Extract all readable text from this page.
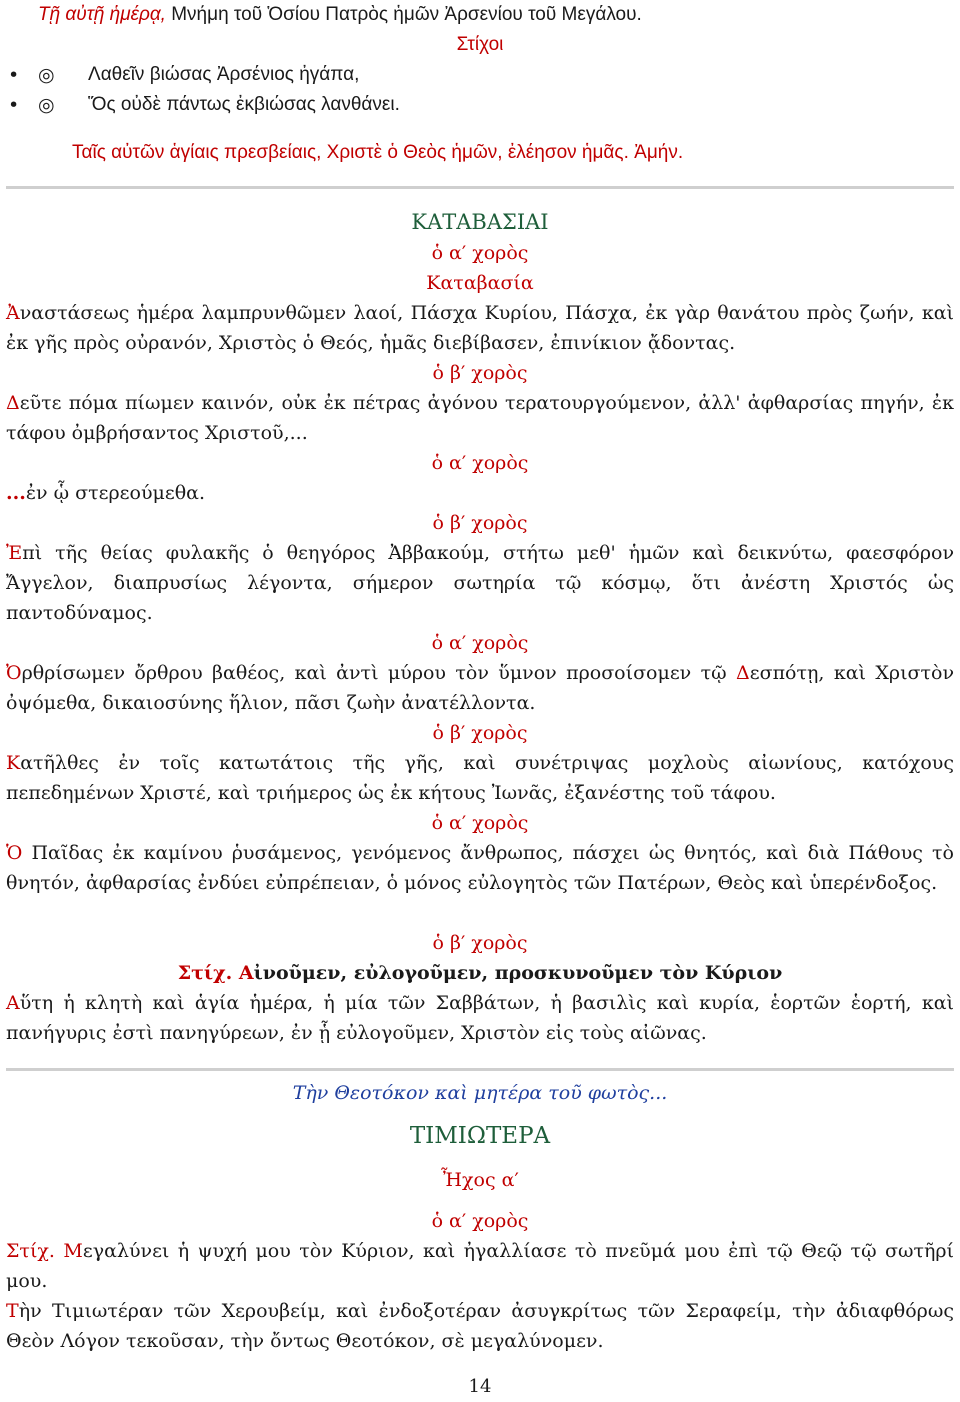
Τῇ αὐτῇ ἡμέρᾳ, Μνήμη τοῦ Ὁσίου Πατρὸς ἡμῶν Ἀρσενίου τοῦ Μεγάλου.
Στίχοι
• ◎ Λαθεῖν βιώσας Ἀρσένιος ἠγάπα,
• ◎ Ὅς οὐδὲ πάντως ἐκβιώσας λανθάνει.
Ταῖς αὐτῶν ἁγίαις πρεσβείαις, Χριστὲ ὁ Θεὸς ἡμῶν, ἐλέησον ἡμᾶς. Ἀμήν.
ΚΑΤΑΒΑΣΙΑΙ
ὁ α′ χορὸς
Καταβασία
Ἀναστάσεως ἡμέρα λαμπρυνθῶμεν λαοί, Πάσχα Κυρίου, Πάσχα, ἐκ γὰρ θανάτου πρὸς ζωήν, καὶ ἐκ γῆς πρὸς οὐρανόν, Χριστὸς ὁ Θεός, ἡμᾶς διεβίβασεν, ἐπινίκιον ᾄδοντας.
ὁ β′ χορὸς
Δεῦτε πόμα πίωμεν καινόν, οὐκ ἐκ πέτρας ἀγόνου τερατουργούμενον, ἀλλ' ἀφθαρσίας πηγήν, ἐκ τάφου ὀμβρήσαντος Χριστοῦ,...
ὁ α′ χορὸς
...ἐν ᾧ στερεούμεθα.
ὁ β′ χορὸς
Ἐπὶ τῆς θείας φυλακῆς ὁ θεηγόρος Ἀββακούμ, στήτω μεθ' ἡμῶν καὶ δεικνύτω, φαεσφόρον Ἄγγελον, διαπρυσίως λέγοντα, σήμερον σωτηρία τῷ κόσμῳ, ὅτι ἀνέστη Χριστός ὡς παντοδύναμος.
ὁ α′ χορὸς
Ὀρθρίσωμεν ὄρθρου βαθέος, καὶ ἀντὶ μύρου τὸν ὕμνον προσοίσομεν τῷ Δεσπότῃ, καὶ Χριστὸν ὀψόμεθα, δικαιοσύνης ἥλιον, πᾶσι ζωὴν ἀνατέλλοντα.
ὁ β′ χορὸς
Κατῆλθες ἐν τοῖς κατωτάτοις τῆς γῆς, καὶ συνέτριψας μοχλοὺς αἰωνίους, κατόχους πεπεδημένων Χριστέ, καὶ τριήμερος ὡς ἐκ κήτους Ἰωνᾶς, ἐξανέστης τοῦ τάφου.
ὁ α′ χορὸς
Ὁ Παῖδας ἐκ καμίνου ῥυσάμενος, γενόμενος ἄνθρωπος, πάσχει ὡς θνητός, καὶ διὰ Πάθους τὸ θνητόν, ἀφθαρσίας ἐνδύει εὐπρέπειαν, ὁ μόνος εὐλογητὸς τῶν Πατέρων, Θεὸς καὶ ὑπερένδοξος.
ὁ β′ χορὸς
Στίχ. Αἰνοῦμεν, εὐλογοῦμεν, προσκυνοῦμεν τὸν Κύριον
Αὕτη ἡ κλητὴ καὶ ἁγία ἡμέρα, ἡ μία τῶν Σαββάτων, ἡ βασιλὶς καὶ κυρία, ἑορτῶν ἑορτή, καὶ πανήγυρις ἐστὶ πανηγύρεων, ἐν ᾗ εὐλογοῦμεν, Χριστὸν εἰς τοὺς αἰῶνας.
Τὴν Θεοτόκον καὶ μητέρα τοῦ φωτὸς...
ΤΙΜΙΩΤΕΡΑ
Ἦχος α′
ὁ α′ χορὸς
Στίχ. Μεγαλύνει ἡ ψυχή μου τὸν Κύριον, καὶ ἠγαλλίασε τὸ πνεῦμά μου ἐπὶ τῷ Θεῷ τῷ σωτῆρί μου.
Τὴν Τιμιωτέραν τῶν Χερουβείμ, καὶ ἐνδοξοτέραν ἀσυγκρίτως τῶν Σεραφείμ, τὴν ἀδιαφθόρως Θεὸν Λόγον τεκοῦσαν, τὴν ὄντως Θεοτόκον, σὲ μεγαλύνομεν.
14
